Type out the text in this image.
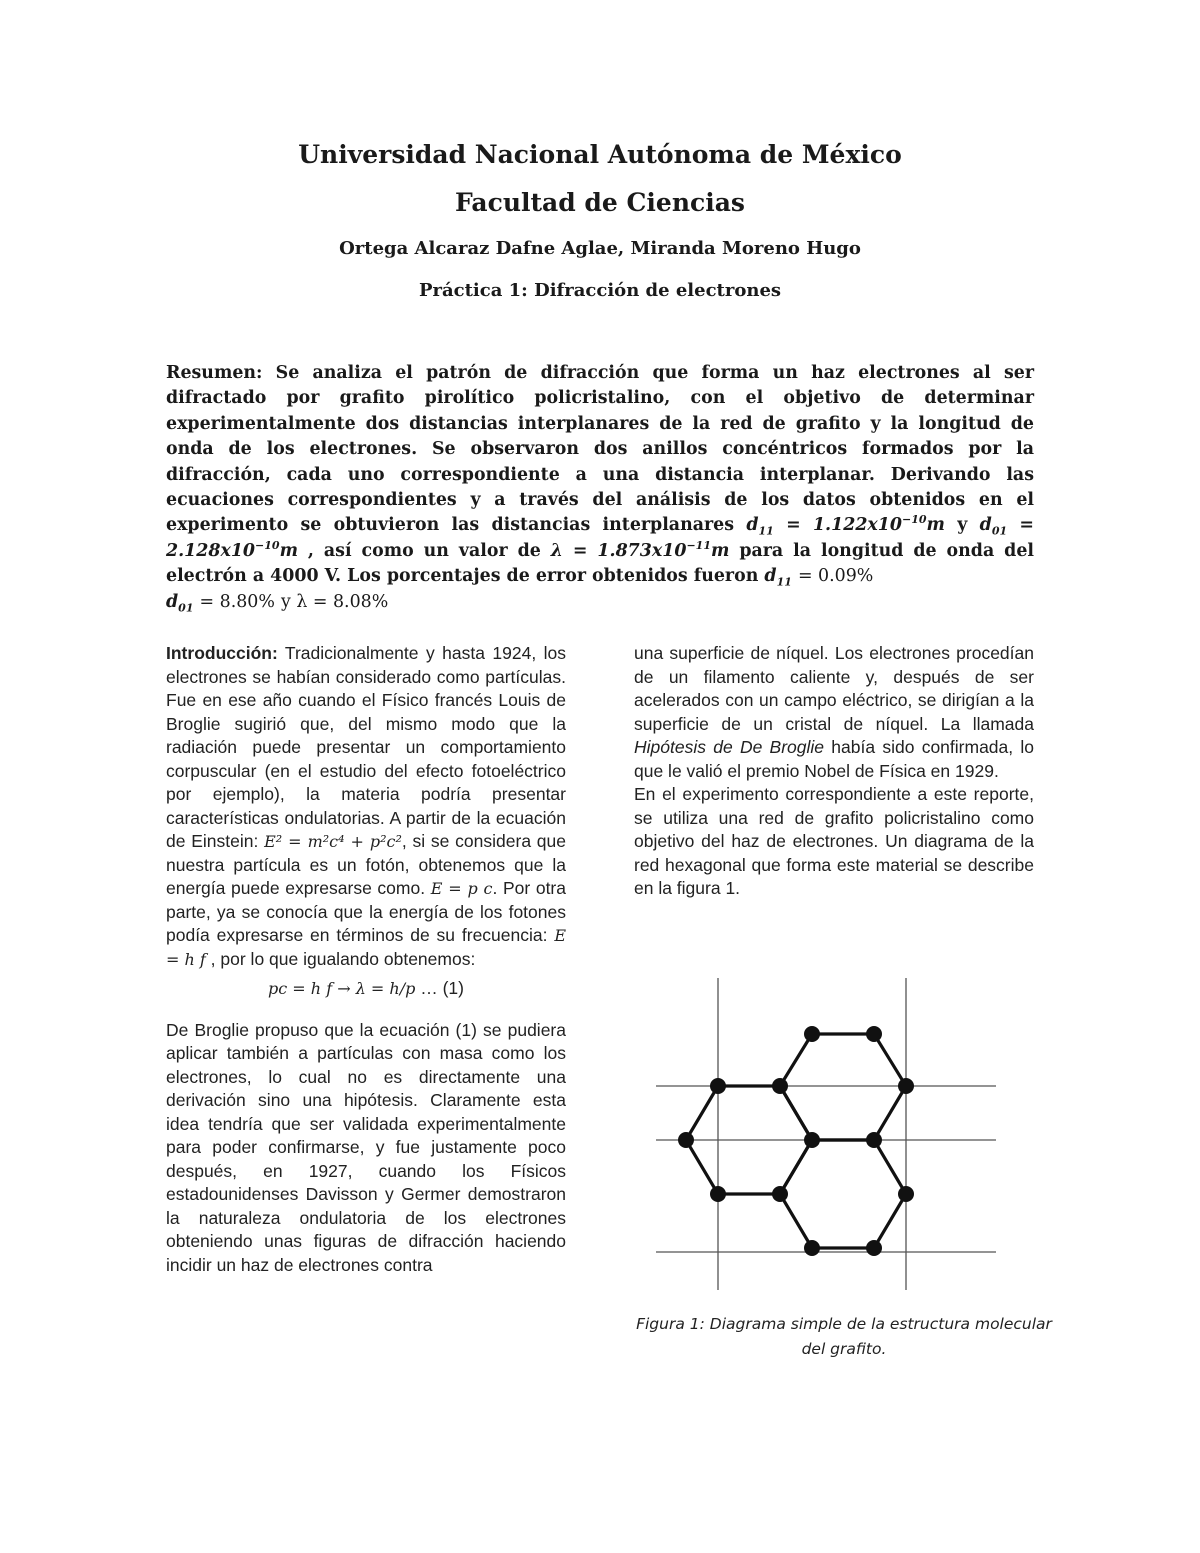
Universidad Nacional Autónoma de México
Facultad de Ciencias
Ortega Alcaraz Dafne Aglae, Miranda Moreno Hugo
Práctica 1: Difracción de electrones
Resumen: Se analiza el patrón de difracción que forma un haz electrones al ser difractado por grafito pirolítico policristalino, con el objetivo de determinar experimentalmente dos distancias interplanares de la red de grafito y la longitud de onda de los electrones. Se observaron dos anillos concéntricos formados por la difracción, cada uno correspondiente a una distancia interplanar. Derivando las ecuaciones correspondientes y a través del análisis de los datos obtenidos en el experimento se obtuvieron las distancias interplanares $d_{11} = 1.122x10^{-10}m$ y $d_{01} = 2.128x10^{-10}m$ , así como un valor de $\lambda = 1.873x10^{-11}m$ para la longitud de onda del electrón a 4000 V. Los porcentajes de error obtenidos fueron $d_{11} = 0.09\%$
$d_{01} = 8.80\%$ y λ = 8.08%

Introducción: Tradicionalmente y hasta 1924, los electrones se habían considerado como partículas. Fue en ese año cuando el Físico francés Louis de Broglie sugirió que, del mismo modo que la radiación puede presentar un comportamiento corpuscular (en el estudio del efecto fotoeléctrico por ejemplo), la materia podría presentar características ondulatorias. A partir de la ecuación de Einstein: E² = m²c⁴ + p²c², si se considera que nuestra partícula es un fotón, obtenemos que la energía puede expresarse como. E = p c. Por otra parte, ya se conocía que la energía de los fotones podía expresarse en términos de su frecuencia: E = h f , por lo que igualando obtenemos:

pc = h f → λ = h/p … (1)

De Broglie propuso que la ecuación (1) se pudiera aplicar también a partículas con masa como los electrones, lo cual no es directamente una derivación sino una hipótesis. Claramente esta idea tendría que ser validada experimentalmente para poder confirmarse, y fue justamente poco después, en 1927, cuando los Físicos estadounidenses Davisson y Germer demostraron la naturaleza ondulatoria de los electrones obteniendo unas figuras de difracción haciendo incidir un haz de electrones contra

una superficie de níquel. Los electrones procedían de un filamento caliente y, después de ser acelerados con un campo eléctrico, se dirigían a la superficie de un cristal de níquel. La llamada Hipótesis de De Broglie había sido confirmada, lo que le valió el premio Nobel de Física en 1929.

En el experimento correspondiente a este reporte, se utiliza una red de grafito policristalino como objetivo del haz de electrones. Un diagrama de la red hexagonal que forma este material se describe en la figura 1.

Figura 1: Diagrama simple de la estructura molecular del grafito.
